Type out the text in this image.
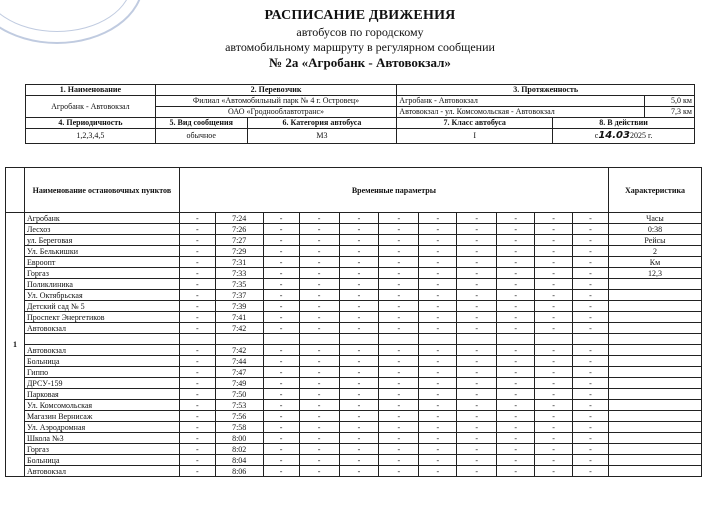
РАСПИСАНИЕ ДВИЖЕНИЯ
автобусов по городскому
автомобильному маршруту в регулярном сообщении
№ 2а «Агробанк - Автовокзал»
1. Наименование	2. Перевозчик		3. Протяженность		
Агробанк - Автовокзал	Филиал «Автомобильный парк № 4 г. Островец»		Агробанк - Автовокзал		5,0 км
	ОАО «Гроднооблавтотранс»		Автовокзал - ул. Комсомольская - Автовокзал		7,3 км
4. Периодичность	5. Вид сообщения	6. Категория автобуса	7. Класс автобуса	8. В действии	
1,2,3,4,5	обычное	М3	I	с14.032025 г.	
	Наименование остановочных пунктов	Временные параметры											Характеристика
1	Агробанк	-	7:24	-	-	-	-	-	-	-	-	-	Часы
	Лесхоз	-	7:26	-	-	-	-	-	-	-	-	-	0:38
	ул. Береговая	-	7:27	-	-	-	-	-	-	-	-	-	Рейсы
	Ул. Белькишки	-	7:29	-	-	-	-	-	-	-	-	-	2
	Евроопт	-	7:31	-	-	-	-	-	-	-	-	-	Км
	Горгаз	-	7:33	-	-	-	-	-	-	-	-	-	12,3
	Поликлиника	-	7:35	-	-	-	-	-	-	-	-	-	
	Ул. Октябрьская	-	7:37	-	-	-	-	-	-	-	-	-	
	Детский сад № 5	-	7:39	-	-	-	-	-	-	-	-	-	
	Проспект Энергетиков	-	7:41	-	-	-	-	-	-	-	-	-	
	Автовокзал	-	7:42	-	-	-	-	-	-	-	-	-	

	Автовокзал	-	7:42	-	-	-	-	-	-	-	-	-	
	Больница	-	7:44	-	-	-	-	-	-	-	-	-	
	Гиппо	-	7:47	-	-	-	-	-	-	-	-	-	
	ДРСУ-159	-	7:49	-	-	-	-	-	-	-	-	-	
	Парковая	-	7:50	-	-	-	-	-	-	-	-	-	
	Ул. Комсомольская	-	7:53	-	-	-	-	-	-	-	-	-	
	Магазин Вернисаж	-	7:56	-	-	-	-	-	-	-	-	-	
	Ул. Аэродромная	-	7:58	-	-	-	-	-	-	-	-	-	
	Школа №3	-	8:00	-	-	-	-	-	-	-	-	-	
	Горгаз	-	8:02	-	-	-	-	-	-	-	-	-	
	Больница	-	8:04	-	-	-	-	-	-	-	-	-	
	Автовокзал	-	8:06	-	-	-	-	-	-	-	-	-	
